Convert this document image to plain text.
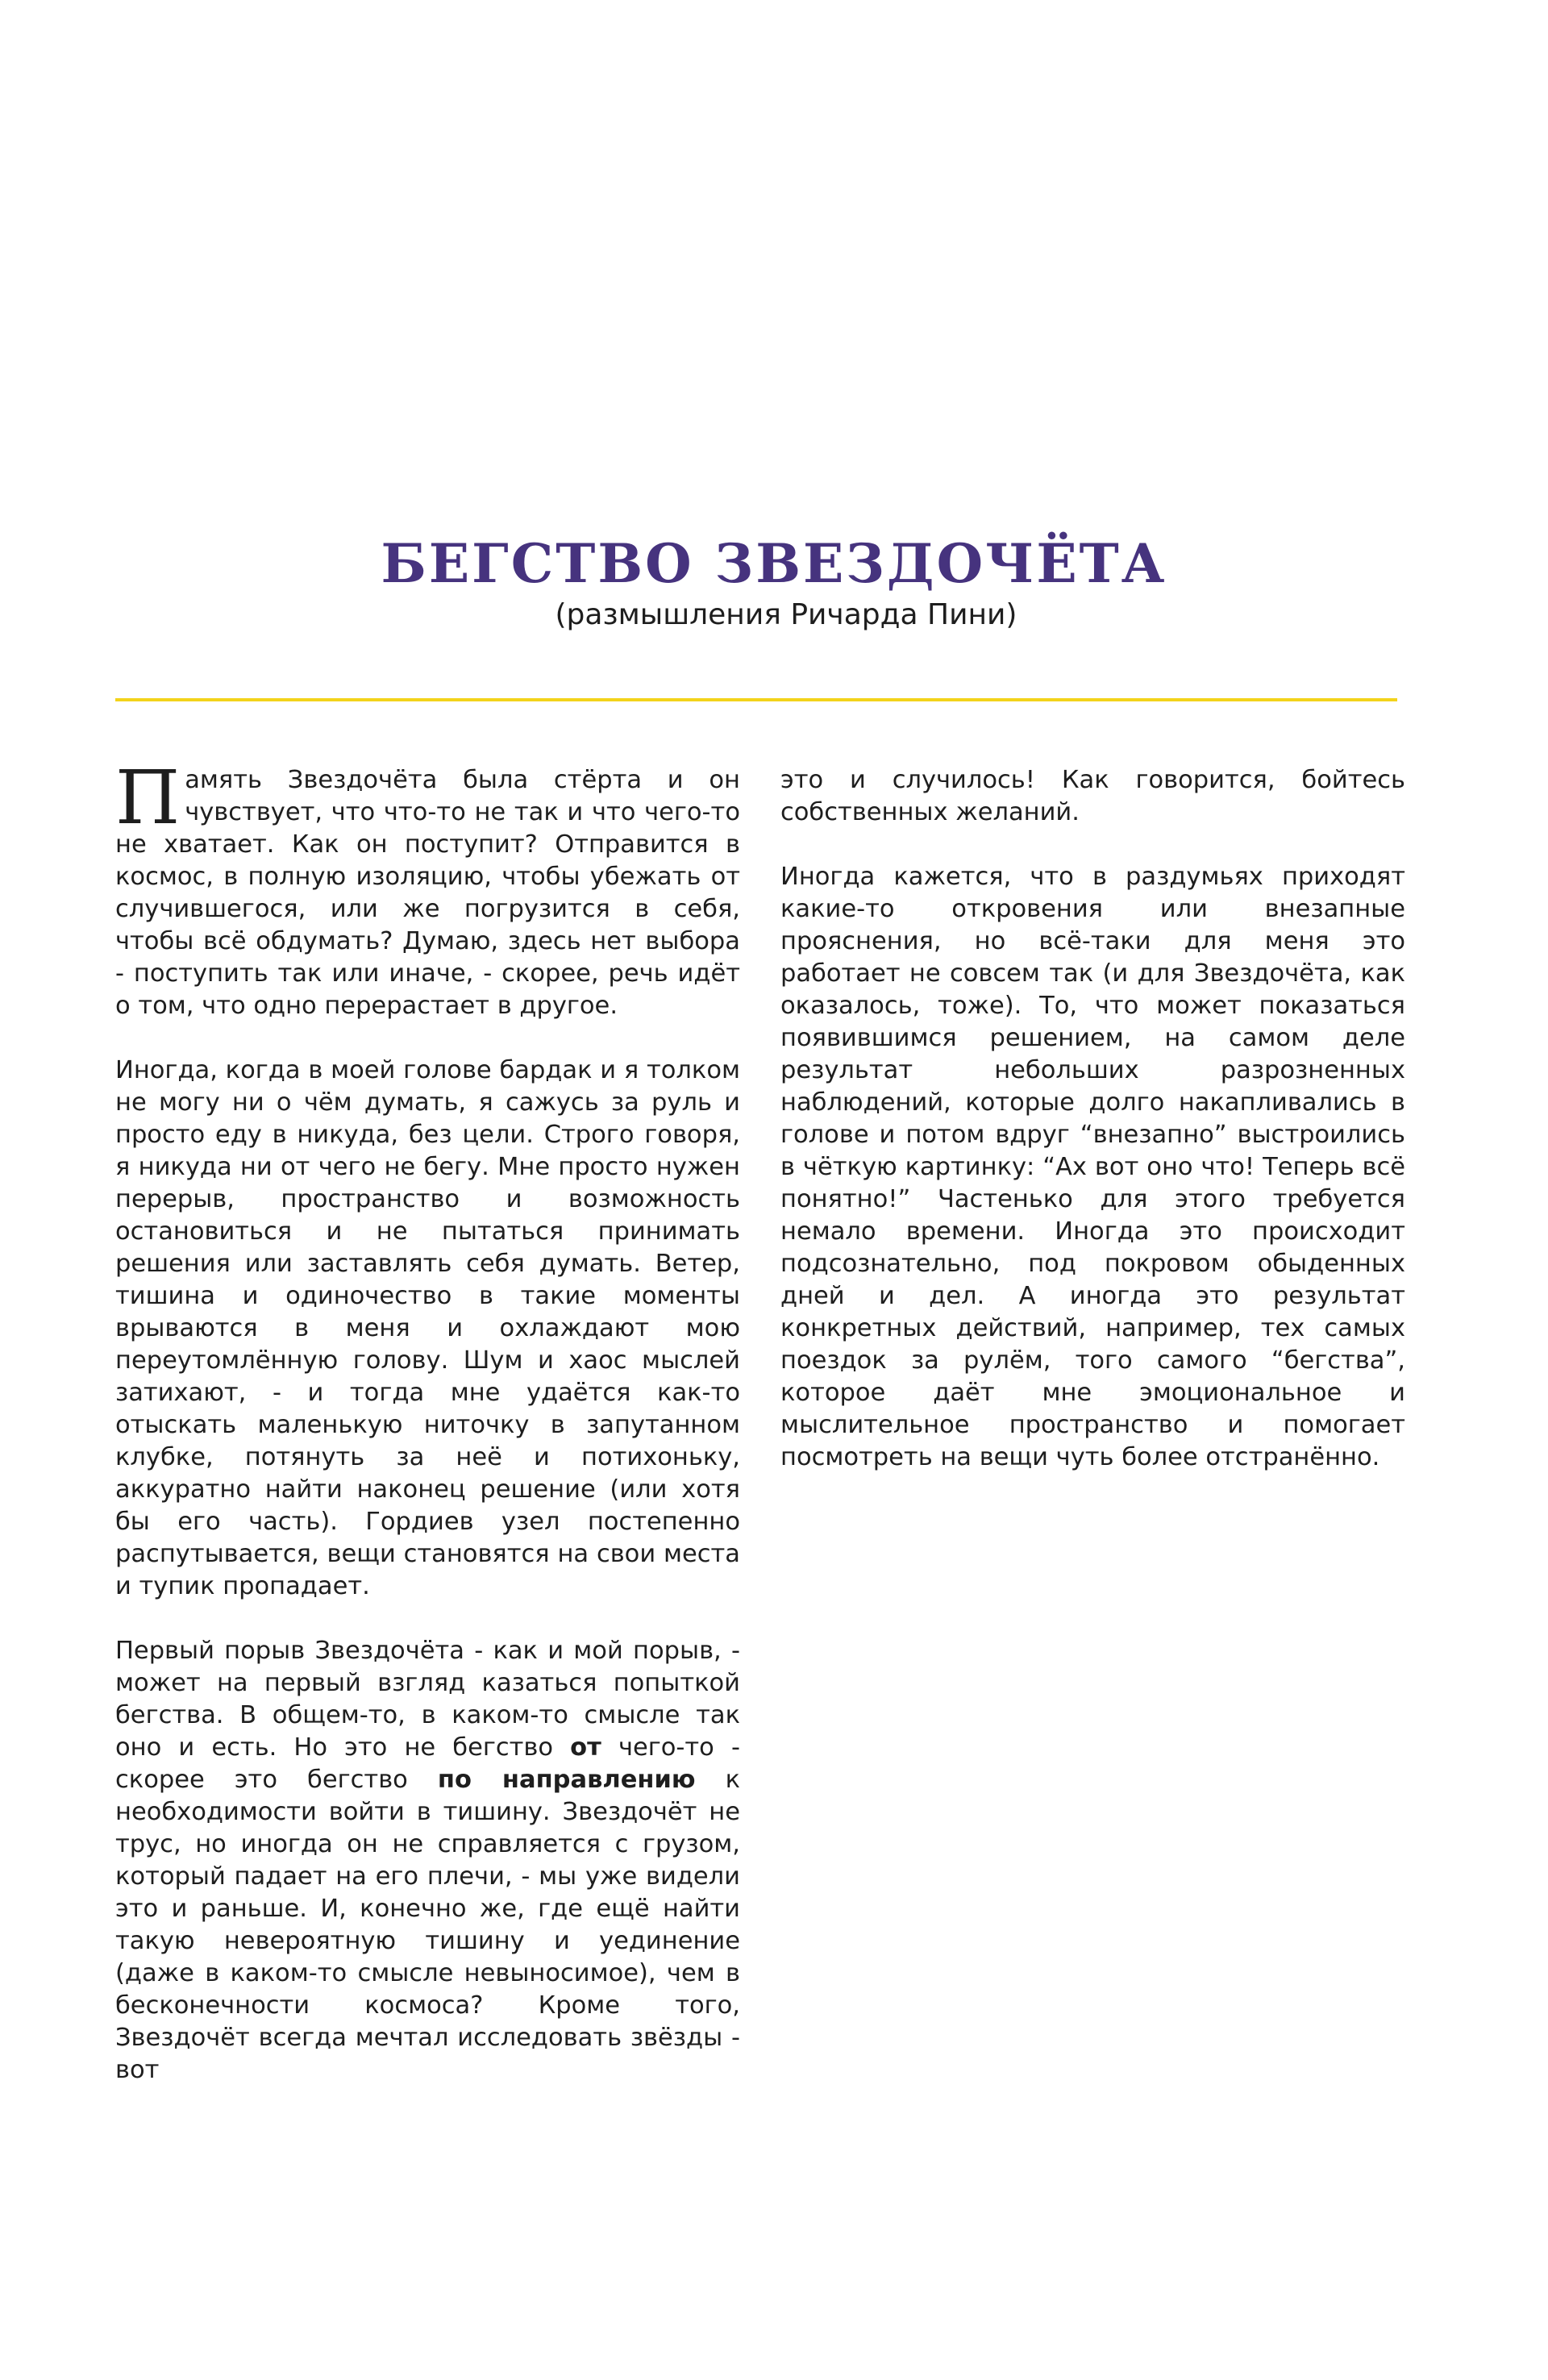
БЕГСТВО ЗВЕЗДОЧЁТА
(размышления Ричарда Пини)

Память Звездочёта была стёрта и он чувствует, что что-то не так и что чего-то не хватает. Как он поступит? Отправится в космос, в полную изоляцию, чтобы убежать от случившегося, или же погрузится в себя, чтобы всё обдумать? Думаю, здесь нет выбора - поступить так или иначе, - скорее, речь идёт о том, что одно перерастает в другое.

Иногда, когда в моей голове бардак и я толком не могу ни о чём думать, я сажусь за руль и просто еду в никуда, без цели. Строго говоря, я никуда ни от чего не бегу. Мне просто нужен перерыв, пространство и возможность остановиться и не пытаться принимать решения или заставлять себя думать. Ветер, тишина и одиночество в такие моменты врываются в меня и охлаждают мою переутомлённую голову. Шум и хаос мыслей затихают, - и тогда мне удаётся как-то отыскать маленькую ниточку в запутанном клубке, потянуть за неё и потихоньку, аккуратно найти наконец решение (или хотя бы его часть). Гордиев узел постепенно распутывается, вещи становятся на свои места и тупик пропадает.

Первый порыв Звездочёта - как и мой порыв, - может на первый взгляд казаться попыткой бегства. В общем-то, в каком-то смысле так оно и есть. Но это не бегство от чего-то - скорее это бегство по направлению к необходимости войти в тишину. Звездочёт не трус, но иногда он не справляется с грузом, который падает на его плечи, - мы уже видели это и раньше. И, конечно же, где ещё найти такую невероятную тишину и уединение (даже в каком-то смысле невыносимое), чем в бесконечности космоса? Кроме того, Звездочёт всегда мечтал исследовать звёзды - вот

это и случилось! Как говорится, бойтесь собственных желаний.

Иногда кажется, что в раздумьях приходят какие-то откровения или внезапные прояснения, но всё-таки для меня это работает не совсем так (и для Звездочёта, как оказалось, тоже). То, что может показаться появившимся решением, на самом деле результат небольших разрозненных наблюдений, которые долго накапливались в голове и потом вдруг “внезапно” выстроились в чёткую картинку: “Ах вот оно что! Теперь всё понятно!” Частенько для этого требуется немало времени. Иногда это происходит подсознательно, под покровом обыденных дней и дел. А иногда это результат конкретных действий, например, тех самых поездок за рулём, того самого “бегства”, которое даёт мне эмоциональное и мыслительное пространство и помогает посмотреть на вещи чуть более отстранённо.
